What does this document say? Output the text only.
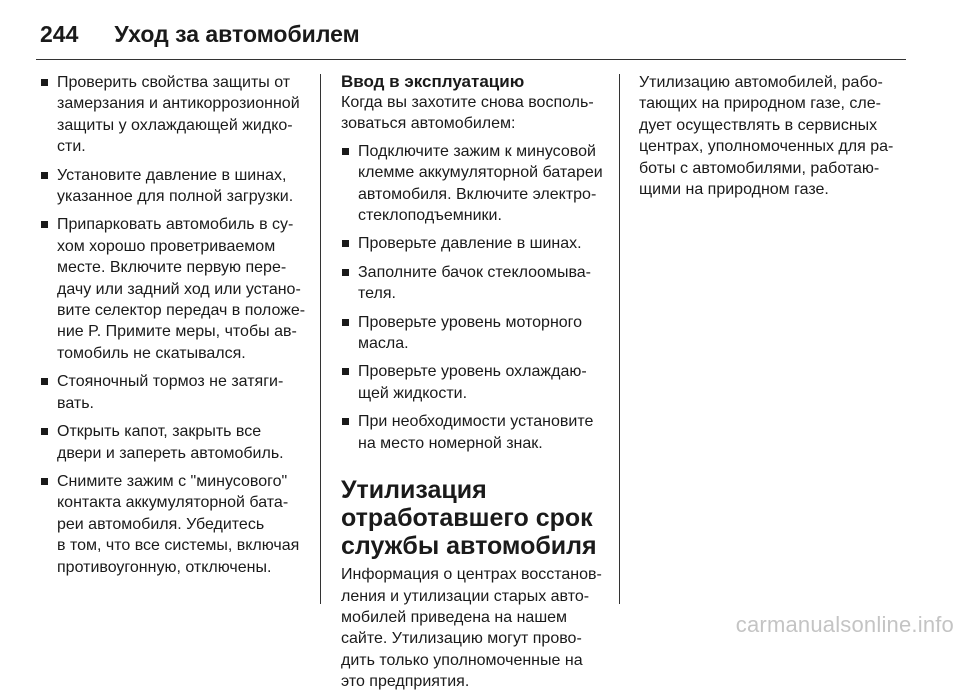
244 Уход за автомобилем
Проверить свойства защиты от
замерзания и антикоррозионной
защиты у охлаждающей жидко-
сти.
Установите давление в шинах,
указанное для полной загрузки.
Припарковать автомобиль в су-
хом хорошо проветриваемом
месте. Включите первую пере-
дачу или задний ход или устано-
вите селектор передач в положе-
ние P. Примите меры, чтобы ав-
томобиль не скатывался.
Стояночный тормоз не затяги-
вать.
Открыть капот, закрыть все
двери и запереть автомобиль.
Снимите зажим с "минусового"
контакта аккумуляторной бата-
реи автомобиля. Убедитесь
в том, что все системы, включая
противоугонную, отключены.
Ввод в эксплуатацию

Когда вы захотите снова восполь-
зоваться автомобилем:

Подключите зажим к минусовой
клемме аккумуляторной батареи
автомобиля. Включите электро-
стеклоподъемники.
Проверьте давление в шинах.
Заполните бачок стеклоомыва-
теля.
Проверьте уровень моторного
масла.
Проверьте уровень охлаждаю-
щей жидкости.
При необходимости установите
на место номерной знак.
Утилизация
отработавшего срок
службы автомобиля

Информация о центрах восстанов-
ления и утилизации старых авто-
мобилей приведена на нашем
сайте. Утилизацию могут прово-
дить только уполномоченные на
это предприятия.

Утилизацию автомобилей, рабо-
тающих на природном газе, сле-
дует осуществлять в сервисных
центрах, уполномоченных для ра-
боты с автомобилями, работаю-
щими на природном газе.

carmanualsonline.info
